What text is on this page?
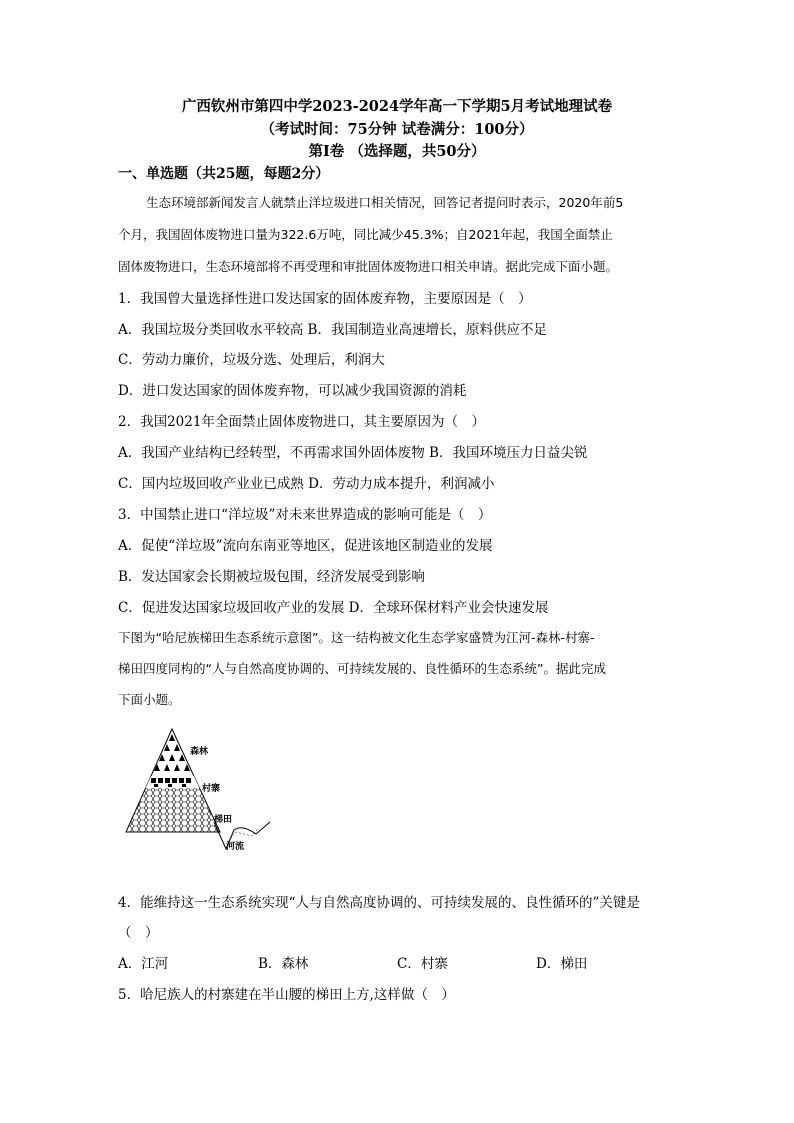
广西钦州市第四中学2023-2024学年高一下学期5月考试地理试卷
（考试时间：75分钟 试卷满分：100分）
第Ⅰ卷 （选择题，共50分）
一、单选题（共25题，每题2分）
生态环境部新闻发言人就禁止洋垃圾进口相关情况，回答记者提问时表示，2020年前5
个月，我国固体废物进口量为322.6万吨，同比减少45.3%；自2021年起，我国全面禁止
固体废物进口，生态环境部将不再受理和审批固体废物进口相关申请。据此完成下面小题。
1．我国曾大量选择性进口发达国家的固体废弃物，主要原因是（　）
A．我国垃圾分类回收水平较高 B．我国制造业高速增长，原料供应不足
C．劳动力廉价，垃圾分选、处理后，利润大
D．进口发达国家的固体废弃物，可以减少我国资源的消耗
2．我国2021年全面禁止固体废物进口，其主要原因为（　）
A．我国产业结构已经转型，不再需求国外固体废物 B．我国环境压力日益尖锐
C．国内垃圾回收产业业已成熟 D．劳动力成本提升，利润减小
3．中国禁止进口“洋垃圾”对未来世界造成的影响可能是（　）
A．促使“洋垃圾”流向东南亚等地区，促进该地区制造业的发展
B．发达国家会长期被垃圾包围，经济发展受到影响
C．促进发达国家垃圾回收产业的发展 D．全球环保材料产业会快速发展
下图为“哈尼族梯田生态系统示意图”。这一结构被文化生态学家盛赞为江河-森林-村寨-
梯田四度同构的“人与自然高度协调的、可持续发展的、良性循环的生态系统”。据此完成
下面小题。
森林
村寨
梯田
河流
4．能维持这一生态系统实现“人与自然高度协调的、可持续发展的、良性循环的”关键是
（　）
A．江河	B．森林	C．村寨	D．梯田
5．哈尼族人的村寨建在半山腰的梯田上方,这样做（　）
